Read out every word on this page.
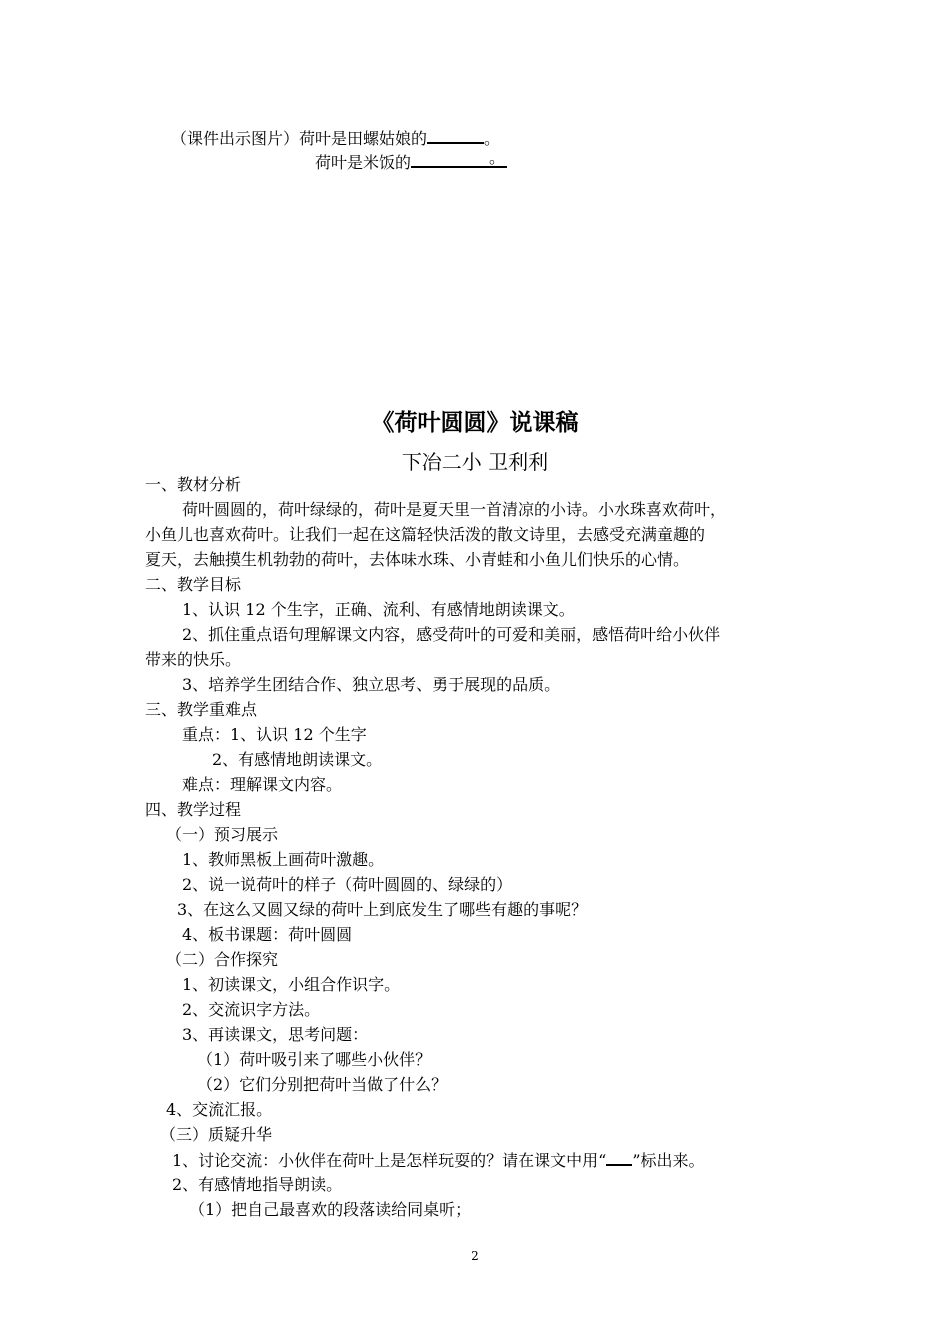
（课件出示图片）荷叶是田螺姑娘的	。
荷叶是米饭的	。
《荷叶圆圆》说课稿
下冶二小 卫利利
一、教材分析
荷叶圆圆的，荷叶绿绿的，荷叶是夏天里一首清凉的小诗。小水珠喜欢荷叶，
小鱼儿也喜欢荷叶。让我们一起在这篇轻快活泼的散文诗里，去感受充满童趣的
夏天，去触摸生机勃勃的荷叶，去体味水珠、小青蛙和小鱼儿们快乐的心情。
二、教学目标
1、认识 12 个生字，正确、流利、有感情地朗读课文。
2、抓住重点语句理解课文内容，感受荷叶的可爱和美丽，感悟荷叶给小伙伴
带来的快乐。
3、培养学生团结合作、独立思考、勇于展现的品质。
三、教学重难点
重点：1、认识 12 个生字
2、有感情地朗读课文。
难点：理解课文内容。
四、教学过程
（一）预习展示
1、教师黑板上画荷叶激趣。
2、说一说荷叶的样子（荷叶圆圆的、绿绿的）
3、在这么又圆又绿的荷叶上到底发生了哪些有趣的事呢？
4、板书课题：荷叶圆圆
（二）合作探究
1、初读课文，小组合作识字。
2、交流识字方法。
3、再读课文，思考问题：
（1）荷叶吸引来了哪些小伙伴？
（2）它们分别把荷叶当做了什么？
4、交流汇报。
（三）质疑升华
1、讨论交流：小伙伴在荷叶上是怎样玩耍的？请在课文中用“ ”标出来。
2、有感情地指导朗读。
（1）把自己最喜欢的段落读给同桌听；
2
